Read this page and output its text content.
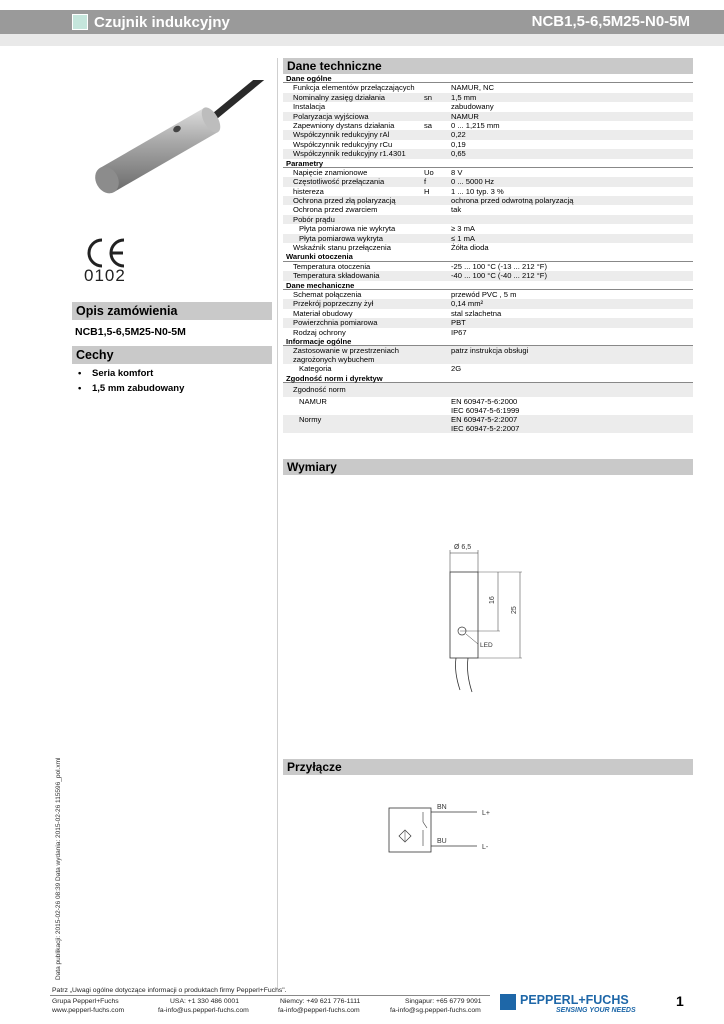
Czujnik indukcyjny	NCB1,5-6,5M25-N0-5M
0102
Opis zamówienia
NCB1,5-6,5M25-N0-5M
Cechy
• Seria komfort
• 1,5 mm zabudowany
Data publikacji: 2015-02-26 08:39 Data wydania: 2015-02-26 115596_pol.xml
Dane techniczne
Dane ogólne
Funkcja elementów przełączających	NAMUR, NC
Nominalny zasięg działania	sn 1,5 mm
Instalacja	zabudowany
Polaryzacja wyjściowa	NAMUR
Zapewniony dystans działania	sa 0 ... 1,215 mm
Współczynnik redukcyjny rAl	0,22
Współczynnik redukcyjny rCu	0,19
Współczynnik redukcyjny r1.4301	0,65
Parametry
Napięcie znamionowe	Uo 8 V
Częstotliwość przełączania	f	0 ... 5000 Hz
histereza	H	1 ... 10 typ. 3 %
Ochrona przed złą polaryzacją	ochrona przed odwrotną polaryzacją
Ochrona przed zwarciem	tak
Pobór prądu
Płyta pomiarowa nie wykryta	≥ 3 mA
Płyta pomiarowa wykryta	≤ 1 mA
Wskaźnik stanu przełączenia	Żółta dioda
Warunki otoczenia
Temperatura otoczenia	-25 ... 100 °C (-13 ... 212 °F)
Temperatura składowania	-40 ... 100 °C (-40 ... 212 °F)
Dane mechaniczne
Schemat połączenia	przewód PVC , 5 m
Przekrój poprzeczny żył	0,14 mm²
Materiał obudowy	stal szlachetna
Powierzchnia pomiarowa	PBT
Rodzaj ochrony	IP67
Informacje ogólne
Zastosowanie w przestrzeniach	patrz instrukcja obsługi
zagrożonych wybuchem
Kategoria	2G
Zgodność norm i dyrektyw
Zgodność norm
NAMUR	EN 60947-5-6:2000
IEC 60947-5-6:1999
Normy	EN 60947-5-2:2007
IEC 60947-5-2:2007
Wymiary
Ø 6,5
16
25
LED
Przyłącze
BN
BU
L+
L-
Patrz „Uwagi ogólne dotyczące informacji o produktach firmy Pepperl+Fuchs".
Grupa Pepperl+Fuchs
www.pepperl-fuchs.com
USA: +1 330 486 0001
fa-info@us.pepperl-fuchs.com
Niemcy: +49 621 776-1111
fa-info@pepperl-fuchs.com
Singapur: +65 6779 9091
fa-info@sg.pepperl-fuchs.com
PEPPERL+FUCHS
SENSING YOUR NEEDS
1
